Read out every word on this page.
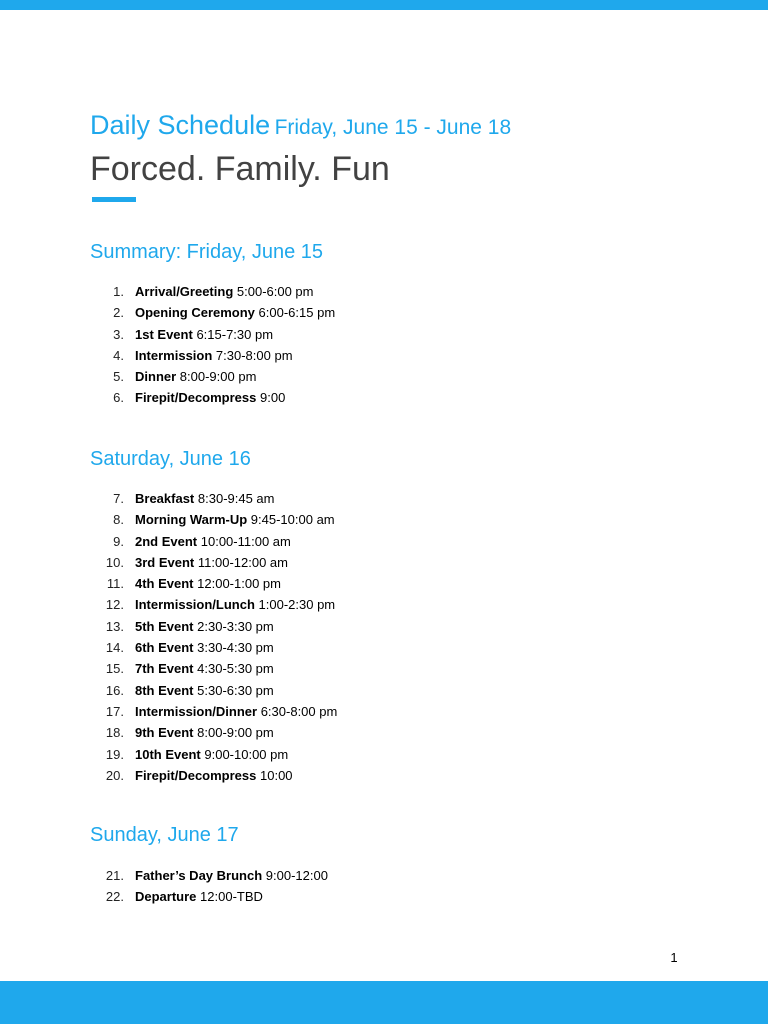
Daily Schedule Friday, June 15 - June 18
Forced. Family. Fun
Summary: Friday, June 15
1. Arrival/Greeting 5:00-6:00 pm
2. Opening Ceremony 6:00-6:15 pm
3. 1st Event 6:15-7:30 pm
4. Intermission 7:30-8:00 pm
5. Dinner 8:00-9:00 pm
6. Firepit/Decompress 9:00
Saturday, June 16
7. Breakfast 8:30-9:45 am
8. Morning Warm-Up 9:45-10:00 am
9. 2nd Event 10:00-11:00 am
10. 3rd Event 11:00-12:00 am
11. 4th Event 12:00-1:00 pm
12. Intermission/Lunch 1:00-2:30 pm
13. 5th Event 2:30-3:30 pm
14. 6th Event 3:30-4:30 pm
15. 7th Event 4:30-5:30 pm
16. 8th Event 5:30-6:30 pm
17. Intermission/Dinner 6:30-8:00 pm
18. 9th Event 8:00-9:00 pm
19. 10th Event 9:00-10:00 pm
20. Firepit/Decompress 10:00
Sunday, June 17
21. Father’s Day Brunch 9:00-12:00
22. Departure 12:00-TBD
1
